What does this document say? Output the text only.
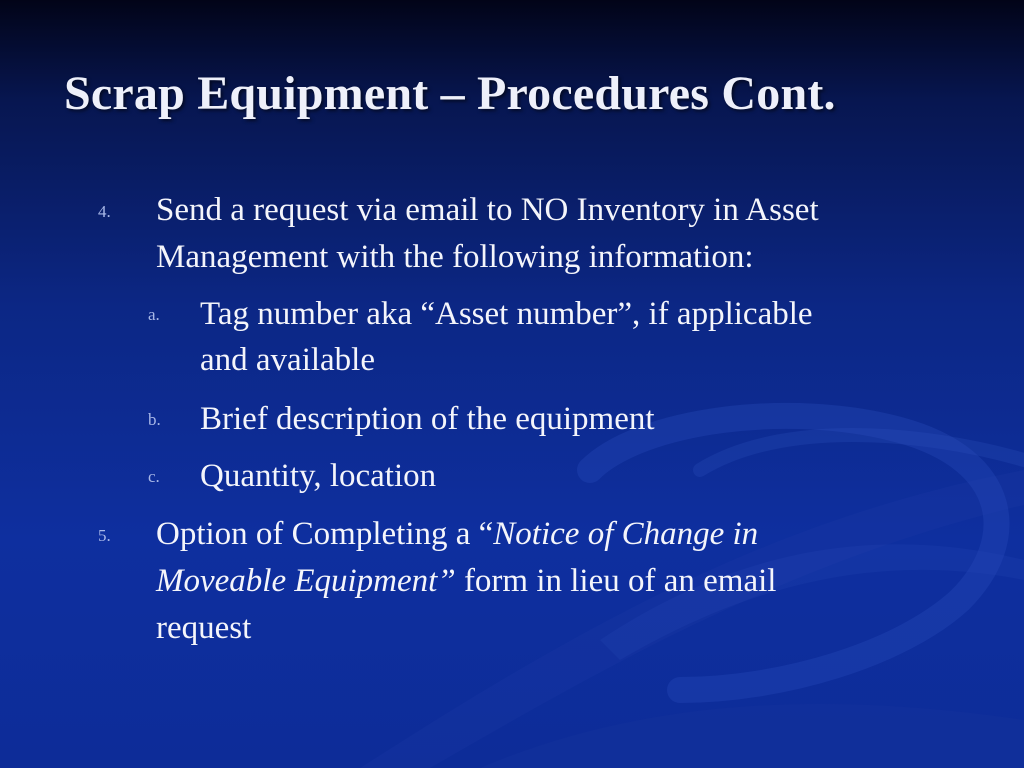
Scrap Equipment – Procedures Cont.
4. Send a request via email to NO Inventory in Asset
Management with the following information:
a. Tag number aka “Asset number”, if applicable
and available
b. Brief description of the equipment
c. Quantity, location
5. Option of Completing a “Notice of Change in
Moveable Equipment” form in lieu of an email
request
